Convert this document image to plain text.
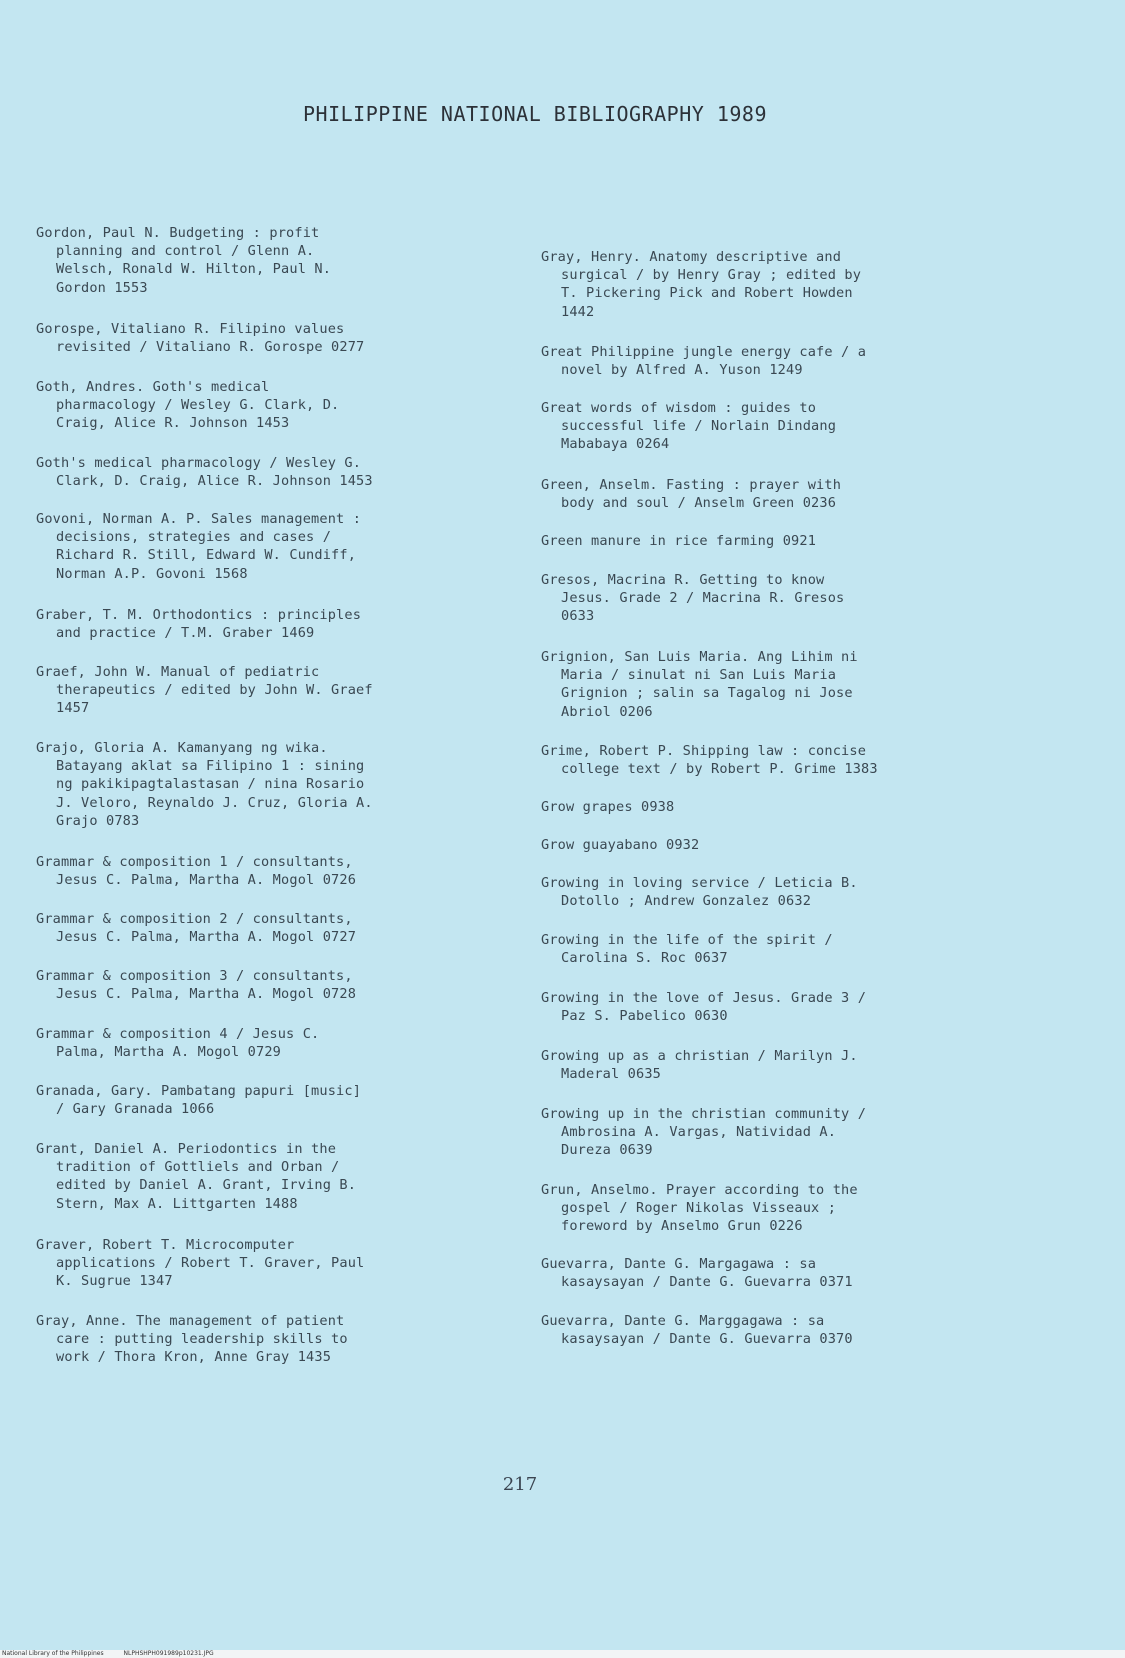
PHILIPPINE NATIONAL BIBLIOGRAPHY 1989
Gordon, Paul N. Budgeting : profit
planning and control / Glenn A.
Welsch, Ronald W. Hilton, Paul N.
Gordon 1553
Gorospe, Vitaliano R. Filipino values
revisited / Vitaliano R. Gorospe 0277
Goth, Andres. Goth's medical
pharmacology / Wesley G. Clark, D.
Craig, Alice R. Johnson 1453
Goth's medical pharmacology / Wesley G.
Clark, D. Craig, Alice R. Johnson 1453
Govoni, Norman A. P. Sales management :
decisions, strategies and cases /
Richard R. Still, Edward W. Cundiff,
Norman A.P. Govoni 1568
Graber, T. M. Orthodontics : principles
and practice / T.M. Graber 1469
Graef, John W. Manual of pediatric
therapeutics / edited by John W. Graef
1457
Grajo, Gloria A. Kamanyang ng wika.
Batayang aklat sa Filipino 1 : sining
ng pakikipagtalastasan / nina Rosario
J. Veloro, Reynaldo J. Cruz, Gloria A.
Grajo 0783
Grammar & composition 1 / consultants,
Jesus C. Palma, Martha A. Mogol 0726
Grammar & composition 2 / consultants,
Jesus C. Palma, Martha A. Mogol 0727
Grammar & composition 3 / consultants,
Jesus C. Palma, Martha A. Mogol 0728
Grammar & composition 4 / Jesus C.
Palma, Martha A. Mogol 0729
Granada, Gary. Pambatang papuri [music]
/ Gary Granada 1066
Grant, Daniel A. Periodontics in the
tradition of Gottliels and Orban /
edited by Daniel A. Grant, Irving B.
Stern, Max A. Littgarten 1488
Graver, Robert T. Microcomputer
applications / Robert T. Graver, Paul
K. Sugrue 1347
Gray, Anne. The management of patient
care : putting leadership skills to
work / Thora Kron, Anne Gray 1435
Gray, Henry. Anatomy descriptive and
surgical / by Henry Gray ; edited by
T. Pickering Pick and Robert Howden
1442
Great Philippine jungle energy cafe / a
novel by Alfred A. Yuson 1249
Great words of wisdom : guides to
successful life / Norlain Dindang
Mababaya 0264
Green, Anselm. Fasting : prayer with
body and soul / Anselm Green 0236
Green manure in rice farming 0921
Gresos, Macrina R. Getting to know
Jesus. Grade 2 / Macrina R. Gresos
0633
Grignion, San Luis Maria. Ang Lihim ni
Maria / sinulat ni San Luis Maria
Grignion ; salin sa Tagalog ni Jose
Abriol 0206
Grime, Robert P. Shipping law : concise
college text / by Robert P. Grime 1383
Grow grapes 0938
Grow guayabano 0932
Growing in loving service / Leticia B.
Dotollo ; Andrew Gonzalez 0632
Growing in the life of the spirit /
Carolina S. Roc 0637
Growing in the love of Jesus. Grade 3 /
Paz S. Pabelico 0630
Growing up as a christian / Marilyn J.
Maderal 0635
Growing up in the christian community /
Ambrosina A. Vargas, Natividad A.
Dureza 0639
Grun, Anselmo. Prayer according to the
gospel / Roger Nikolas Visseaux ;
foreword by Anselmo Grun 0226
Guevarra, Dante G. Margagawa : sa
kasaysayan / Dante G. Guevarra 0371
Guevarra, Dante G. Marggagawa : sa
kasaysayan / Dante G. Guevarra 0370
217
National Library of the Philippines	NLPHSHPH091989p10231.JPG
